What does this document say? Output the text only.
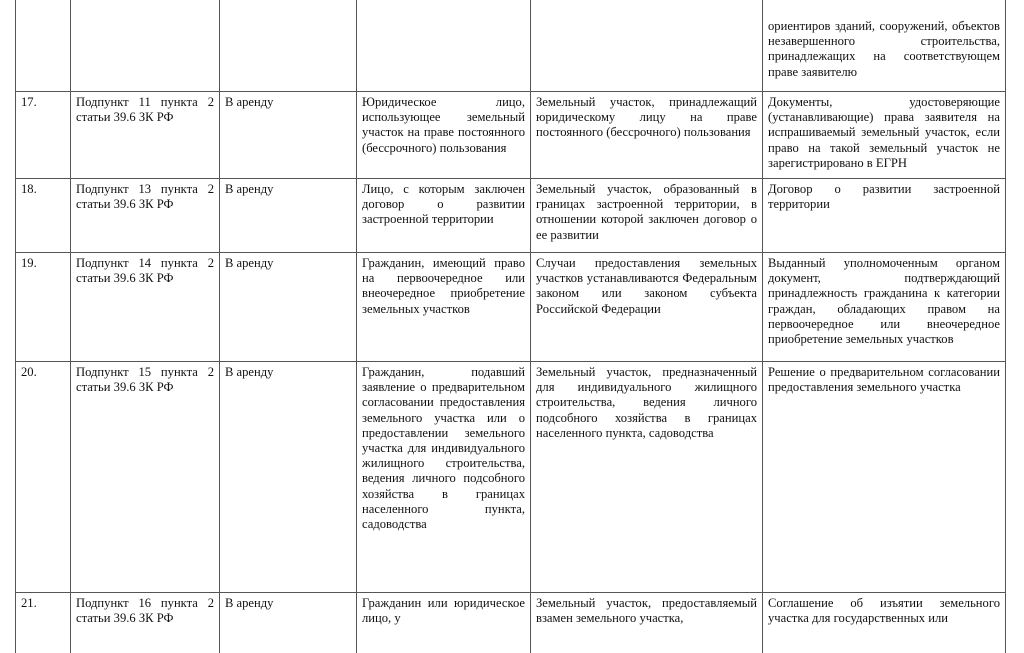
					ориентиров зданий, сооружений, объектов незавершенного строительства, принадлежащих на соответствующем праве заявителю
17.	Подпункт 11 пункта 2 статьи 39.6 ЗК РФ	В аренду	Юридическое лицо, использующее земельный участок на праве постоянного (бессрочного) пользования	Земельный участок, принадлежащий юридическому лицу на праве постоянного (бессрочного) пользования	Документы, удостоверяющие (устанавливающие) права заявителя на испрашиваемый земельный участок, если право на такой земельный участок не зарегистрировано в ЕГРН
18.	Подпункт 13 пункта 2 статьи 39.6 ЗК РФ	В аренду	Лицо, с которым заключен договор о развитии застроенной территории	Земельный участок, образованный в границах застроенной территории, в отношении которой заключен договор о ее развитии	Договор о развитии застроенной территории
19.	Подпункт 14 пункта 2 статьи 39.6 ЗК РФ	В аренду	Гражданин, имеющий право на первоочередное или внеочередное приобретение земельных участков	Случаи предоставления земельных участков устанавливаются Федеральным законом или законом субъекта Российской Федерации	Выданный уполномоченным органом документ, подтверждающий принадлежность гражданина к категории граждан, обладающих правом на первоочередное или внеочередное приобретение земельных участков
20.	Подпункт 15 пункта 2 статьи 39.6 ЗК РФ	В аренду	Гражданин, подавший заявление о предварительном согласовании предоставления земельного участка или о предоставлении земельного участка для индивидуального жилищного строительства, ведения личного подсобного хозяйства в границах населенного пункта, садоводства	Земельный участок, предназначенный для индивидуального жилищного строительства, ведения личного подсобного хозяйства в границах населенного пункта, садоводства	Решение о предварительном согласовании предоставления земельного участка
21.	Подпункт 16 пункта 2 статьи 39.6 ЗК РФ	В аренду	Гражданин или юридическое лицо, у	Земельный участок, предоставляемый взамен земельного участка,	Соглашение об изъятии земельного участка для государственных или
